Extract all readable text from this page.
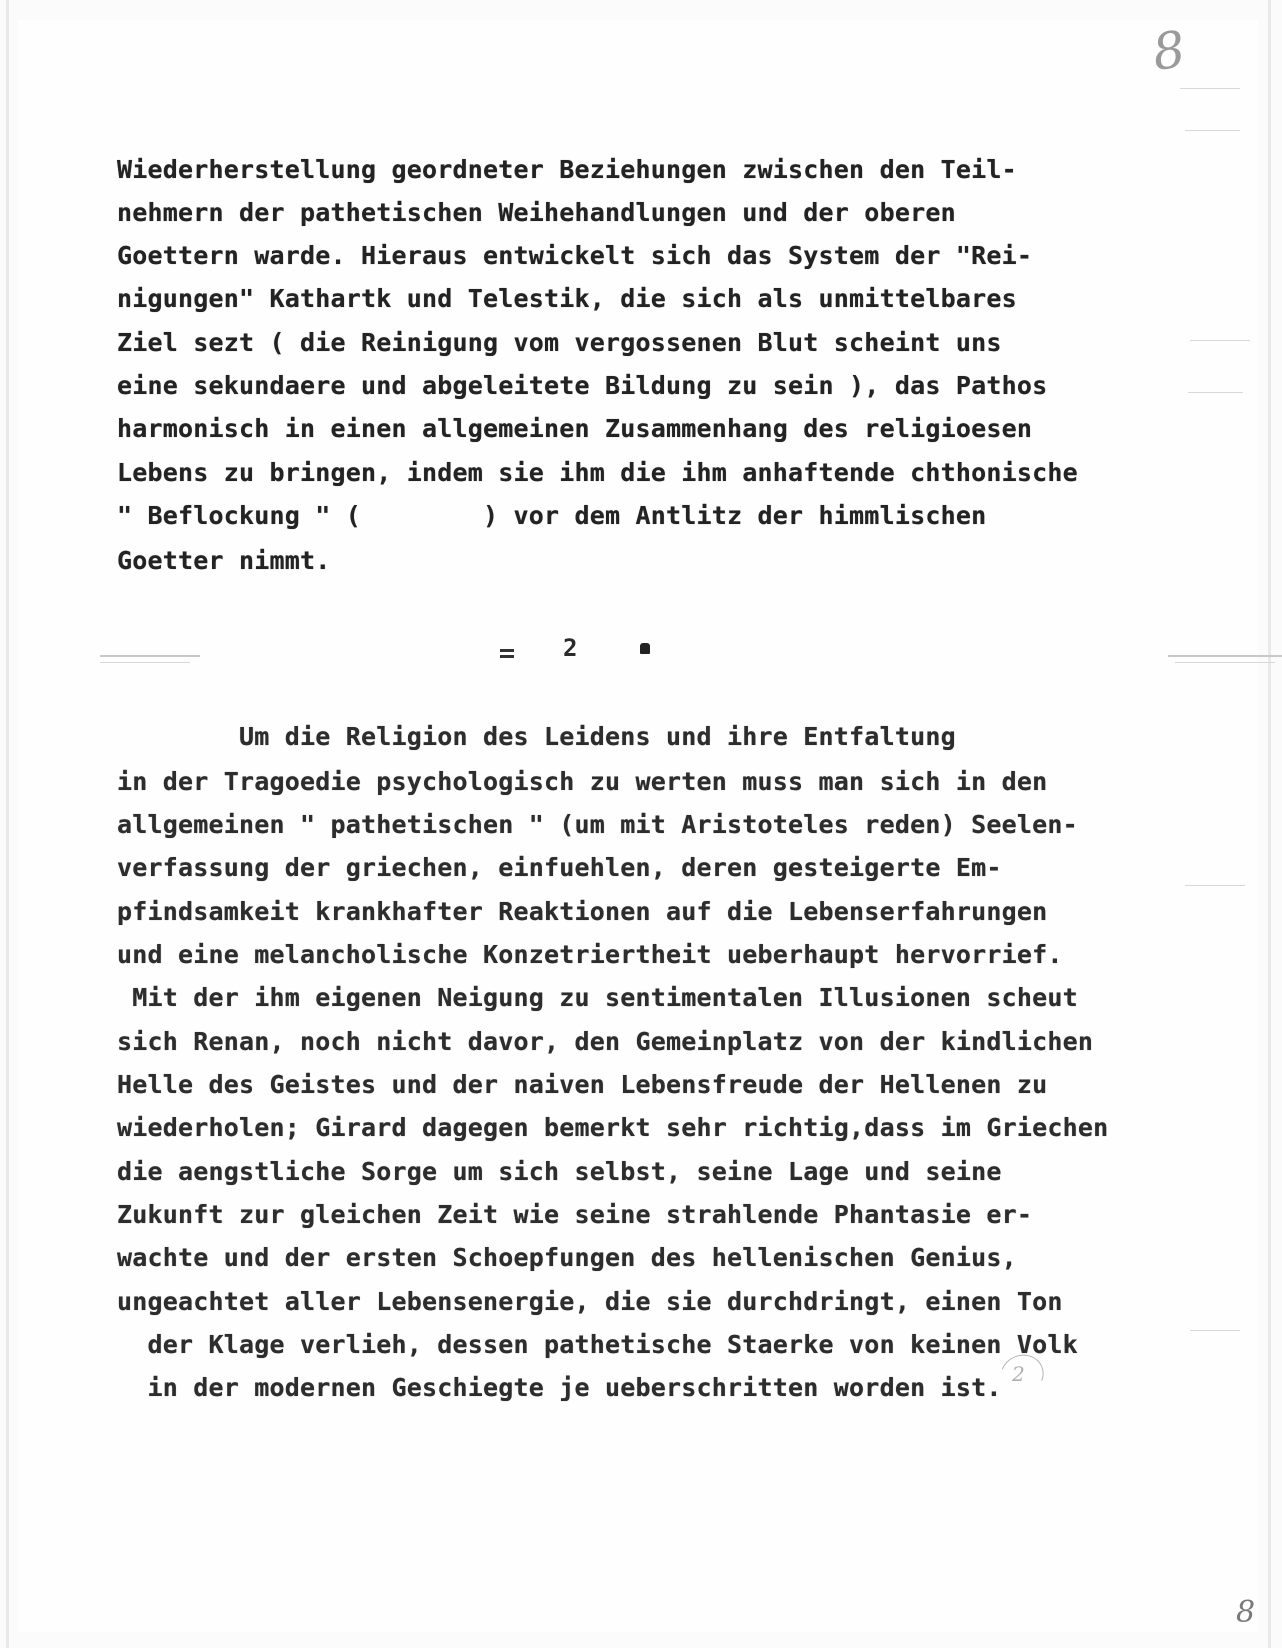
8
8
2
Wiederherstellung geordneter Beziehungen zwischen den Teil-
nehmern der pathetischen Weihehandlungen und der oberen
Goettern warde. Hieraus entwickelt sich das System der "Rei-
nigungen" Kathartk und Telestik, die sich als unmittelbares
Ziel sezt ( die Reinigung vom vergossenen Blut scheint uns
eine sekundaere und abgeleitete Bildung zu sein ), das Pathos
harmonisch in einen allgemeinen Zusammenhang des religioesen
Lebens zu bringen, indem sie ihm die ihm anhaftende chthonische
" Beflockung " (        ) vor dem Antlitz der himmlischen
Goetter nimmt.
2
Um die Religion des Leidens und ihre Entfaltung
in der Tragoedie psychologisch zu werten muss man sich in den
allgemeinen " pathetischen " (um mit Aristoteles reden) Seelen-
verfassung der griechen, einfuehlen, deren gesteigerte Em-
pfindsamkeit krankhafter Reaktionen auf die Lebenserfahrungen
und eine melancholische Konzetriertheit ueberhaupt hervorrief.
Mit der ihm eigenen Neigung zu sentimentalen Illusionen scheut
sich Renan, noch nicht davor, den Gemeinplatz von der kindlichen
Helle des Geistes und der naiven Lebensfreude der Hellenen zu
wiederholen; Girard dagegen bemerkt sehr richtig,dass im Griechen
die aengstliche Sorge um sich selbst, seine Lage und seine
Zukunft zur gleichen Zeit wie seine strahlende Phantasie er-
wachte und der ersten Schoepfungen des hellenischen Genius,
ungeachtet aller Lebensenergie, die sie durchdringt, einen Ton
der Klage verlieh, dessen pathetische Staerke von keinen Volk
in der modernen Geschiegte je ueberschritten worden ist.
